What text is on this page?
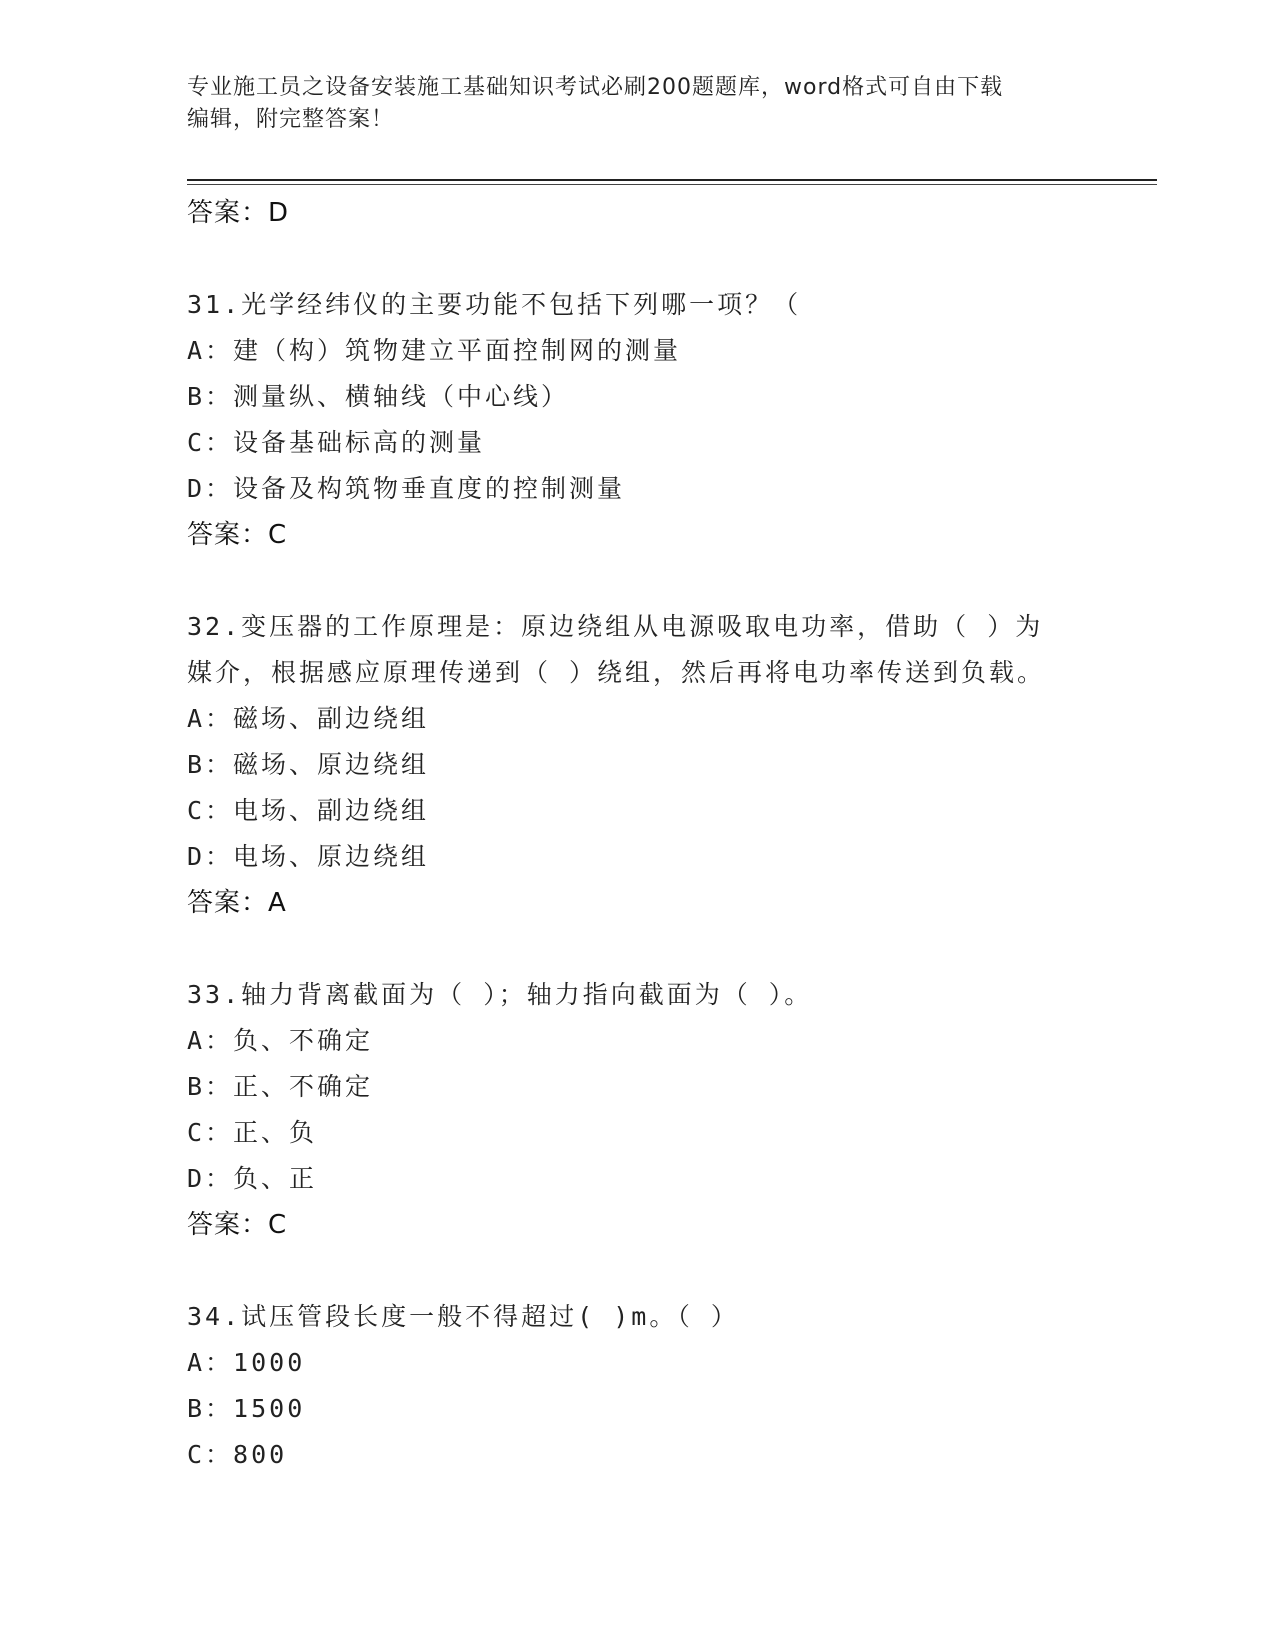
专业施工员之设备安装施工基础知识考试必刷200题题库，word格式可自由下载
编辑，附完整答案！
答案：D
31.光学经纬仪的主要功能不包括下列哪一项？（
A：建（构）筑物建立平面控制网的测量
B：测量纵、横轴线（中心线）
C：设备基础标高的测量
D：设备及构筑物垂直度的控制测量
答案：C
32.变压器的工作原理是：原边绕组从电源吸取电功率，借助（ ）为
媒介，根据感应原理传递到（ ）绕组，然后再将电功率传送到负载。
A：磁场、副边绕组
B：磁场、原边绕组
C：电场、副边绕组
D：电场、原边绕组
答案：A
33.轴力背离截面为（ ）；轴力指向截面为（ ）。
A：负、不确定
B：正、不确定
C：正、负
D：负、正
答案：C
34.试压管段长度一般不得超过( )m。（ ）
A：1000
B：1500
C：800
